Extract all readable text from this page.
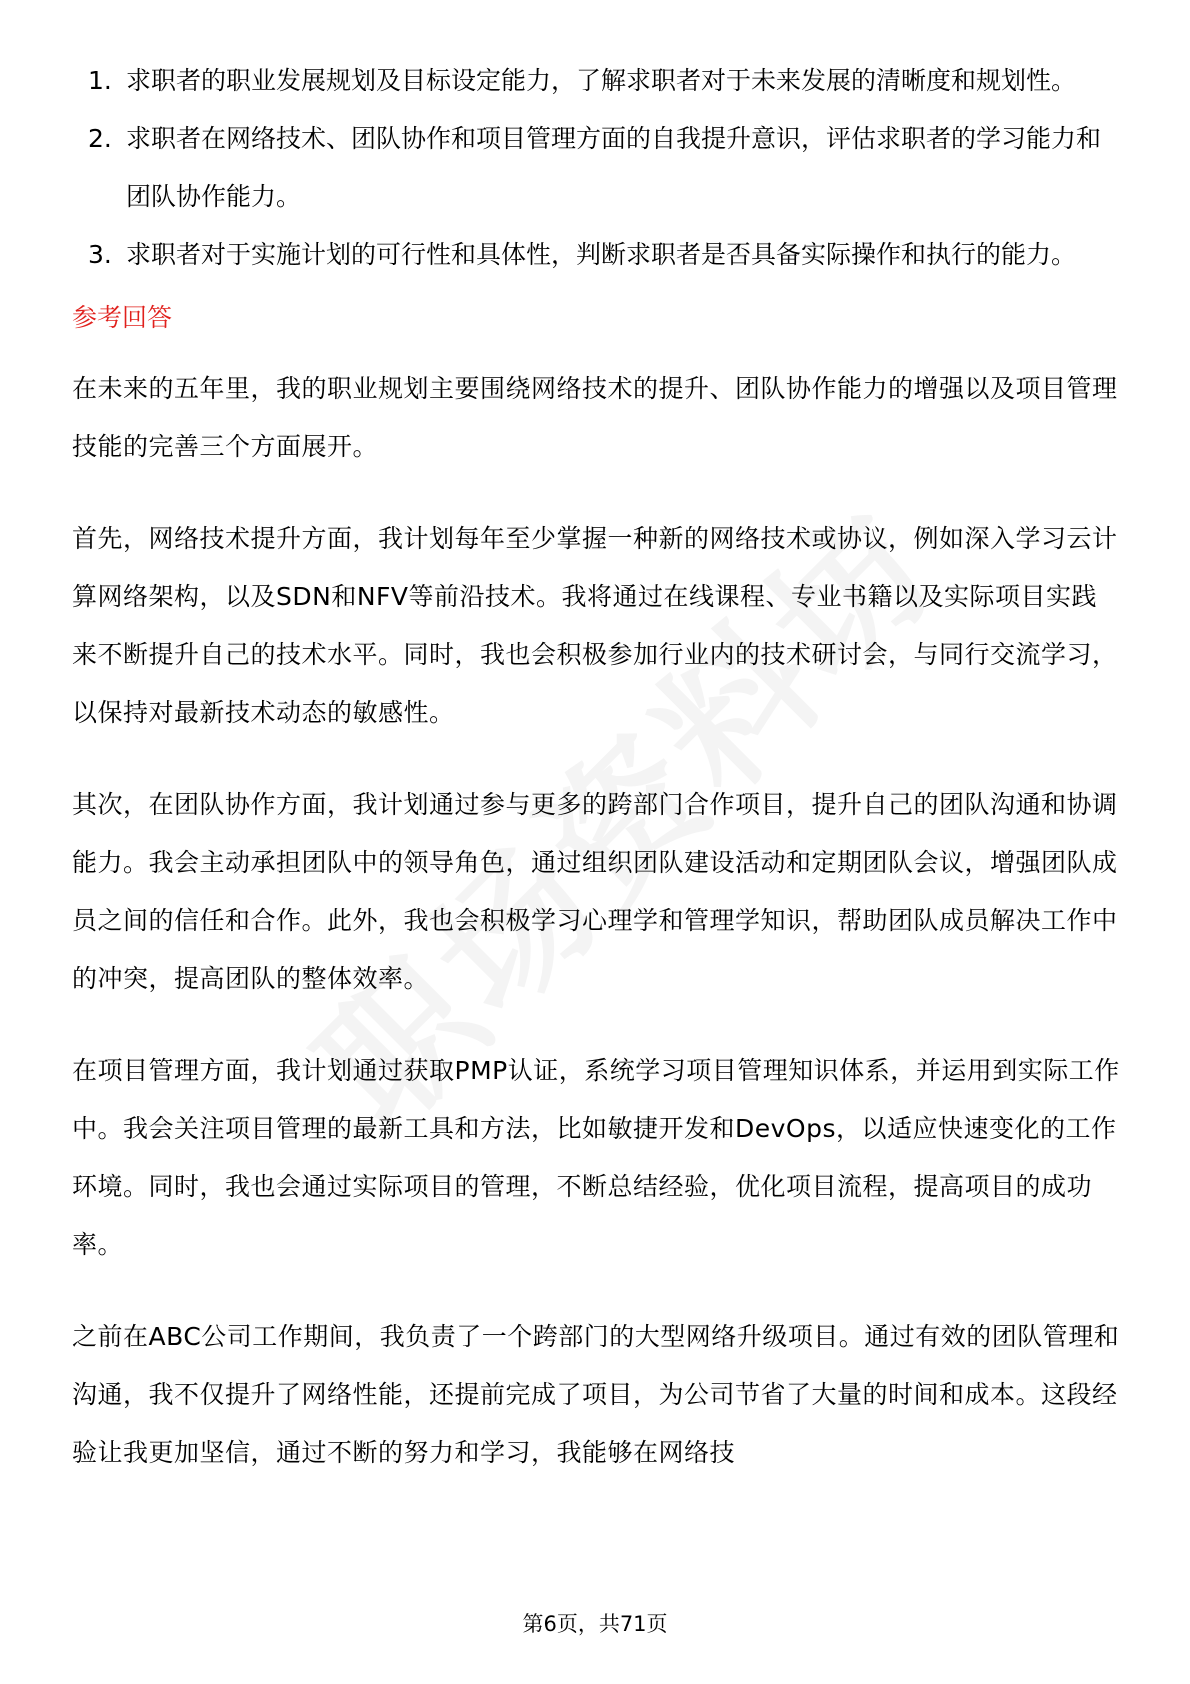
1. 求职者的职业发展规划及目标设定能力，了解求职者对于未来发展的清晰度和规划性。
2. 求职者在网络技术、团队协作和项目管理方面的自我提升意识，评估求职者的学习能力和团队协作能力。
3. 求职者对于实施计划的可行性和具体性，判断求职者是否具备实际操作和执行的能力。
参考回答

在未来的五年里，我的职业规划主要围绕网络技术的提升、团队协作能力的增强以及项目管理技能的完善三个方面展开。

首先，网络技术提升方面，我计划每年至少掌握一种新的网络技术或协议，例如深入学习云计算网络架构，以及SDN和NFV等前沿技术。我将通过在线课程、专业书籍以及实际项目实践来不断提升自己的技术水平。同时，我也会积极参加行业内的技术研讨会，与同行交流学习，以保持对最新技术动态的敏感性。

其次，在团队协作方面，我计划通过参与更多的跨部门合作项目，提升自己的团队沟通和协调能力。我会主动承担团队中的领导角色，通过组织团队建设活动和定期团队会议，增强团队成员之间的信任和合作。此外，我也会积极学习心理学和管理学知识，帮助团队成员解决工作中的冲突，提高团队的整体效率。

在项目管理方面，我计划通过获取PMP认证，系统学习项目管理知识体系，并运用到实际工作中。我会关注项目管理的最新工具和方法，比如敏捷开发和DevOps，以适应快速变化的工作环境。同时，我也会通过实际项目的管理，不断总结经验，优化项目流程，提高项目的成功率。

之前在ABC公司工作期间，我负责了一个跨部门的大型网络升级项目。通过有效的团队管理和沟通，我不仅提升了网络性能，还提前完成了项目，为公司节省了大量的时间和成本。这段经验让我更加坚信，通过不断的努力和学习，我能够在网络技

第6页，共71页
